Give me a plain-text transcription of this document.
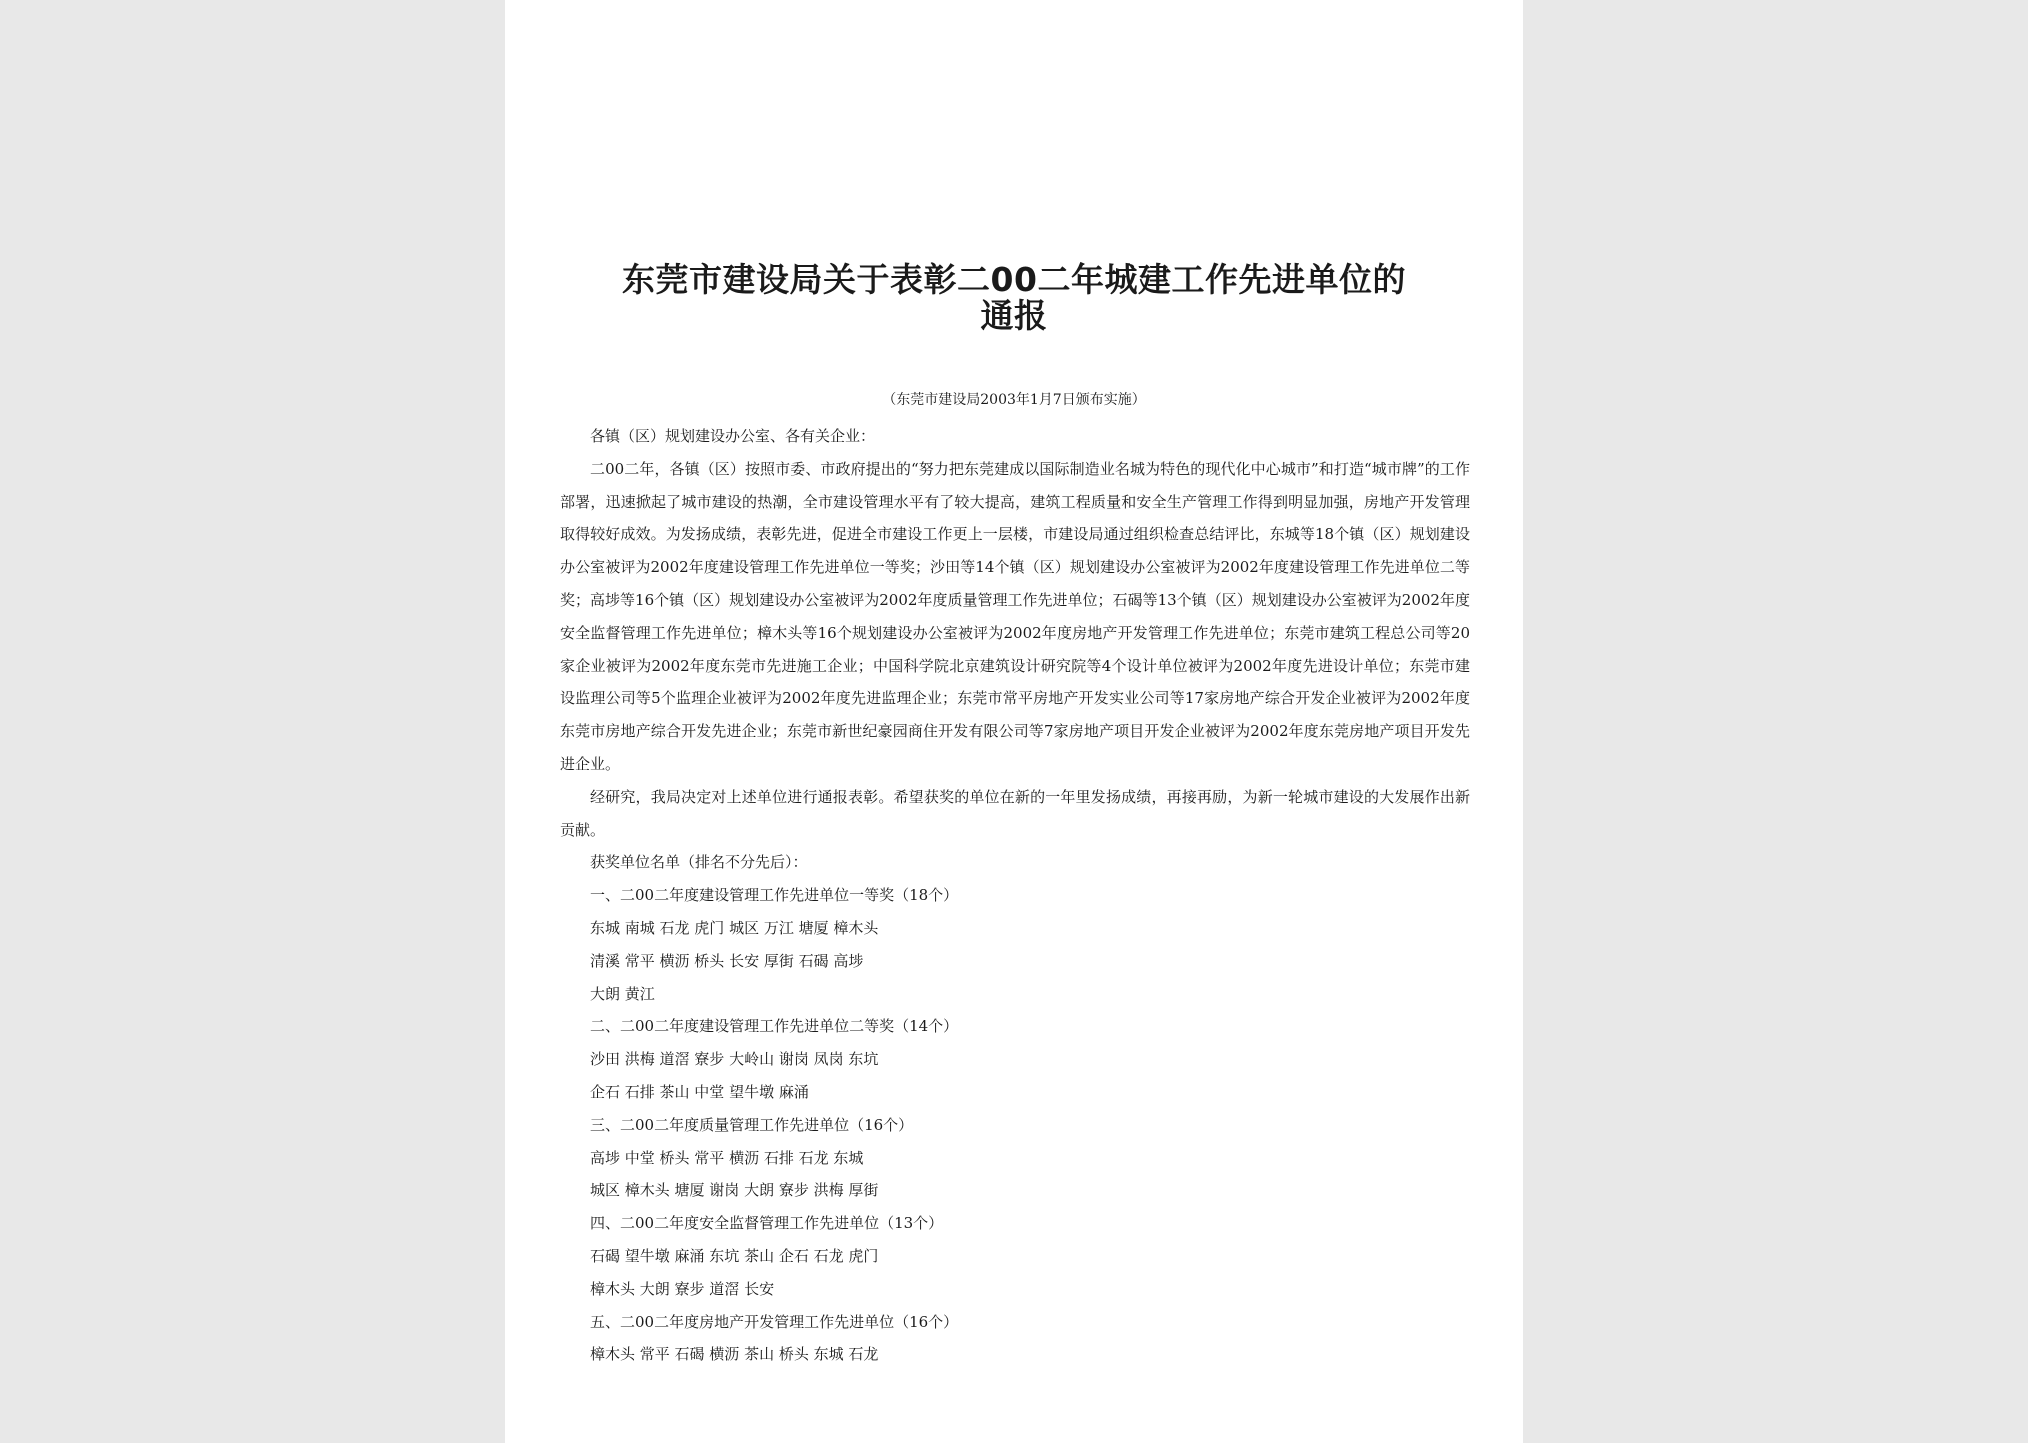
东莞市建设局关于表彰二00二年城建工作先进单位的
通报
（东莞市建设局2003年1月7日颁布实施）

各镇（区）规划建设办公室、各有关企业：

二00二年，各镇（区）按照市委、市政府提出的“努力把东莞建成以国际制造业名城为特色的现代化中心城市”和打造“城市牌”的工作部署，迅速掀起了城市建设的热潮，全市建设管理水平有了较大提高，建筑工程质量和安全生产管理工作得到明显加强，房地产开发管理取得较好成效。为发扬成绩，表彰先进，促进全市建设工作更上一层楼，市建设局通过组织检查总结评比，东城等18个镇（区）规划建设办公室被评为2002年度建设管理工作先进单位一等奖；沙田等14个镇（区）规划建设办公室被评为2002年度建设管理工作先进单位二等奖；高埗等16个镇（区）规划建设办公室被评为2002年度质量管理工作先进单位；石碣等13个镇（区）规划建设办公室被评为2002年度安全监督管理工作先进单位；樟木头等16个规划建设办公室被评为2002年度房地产开发管理工作先进单位；东莞市建筑工程总公司等20家企业被评为2002年度东莞市先进施工企业；中国科学院北京建筑设计研究院等4个设计单位被评为2002年度先进设计单位；东莞市建设监理公司等5个监理企业被评为2002年度先进监理企业；东莞市常平房地产开发实业公司等17家房地产综合开发企业被评为2002年度东莞市房地产综合开发先进企业；东莞市新世纪豪园商住开发有限公司等7家房地产项目开发企业被评为2002年度东莞房地产项目开发先进企业。

经研究，我局决定对上述单位进行通报表彰。希望获奖的单位在新的一年里发扬成绩，再接再励，为新一轮城市建设的大发展作出新贡献。

获奖单位名单（排名不分先后）：

一、二00二年度建设管理工作先进单位一等奖（18个）
东城 南城 石龙 虎门 城区 万江 塘厦 樟木头
清溪 常平 横沥 桥头 长安 厚街 石碣 高埗
大朗 黄江
二、二00二年度建设管理工作先进单位二等奖（14个）
沙田 洪梅 道滘 寮步 大岭山 谢岗 凤岗 东坑
企石 石排 茶山 中堂 望牛墩 麻涌
三、二00二年度质量管理工作先进单位（16个）
高埗 中堂 桥头 常平 横沥 石排 石龙 东城
城区 樟木头 塘厦 谢岗 大朗 寮步 洪梅 厚街
四、二00二年度安全监督管理工作先进单位（13个）
石碣 望牛墩 麻涌 东坑 茶山 企石 石龙 虎门
樟木头 大朗 寮步 道滘 长安
五、二00二年度房地产开发管理工作先进单位（16个）
樟木头 常平 石碣 横沥 茶山 桥头 东城 石龙
